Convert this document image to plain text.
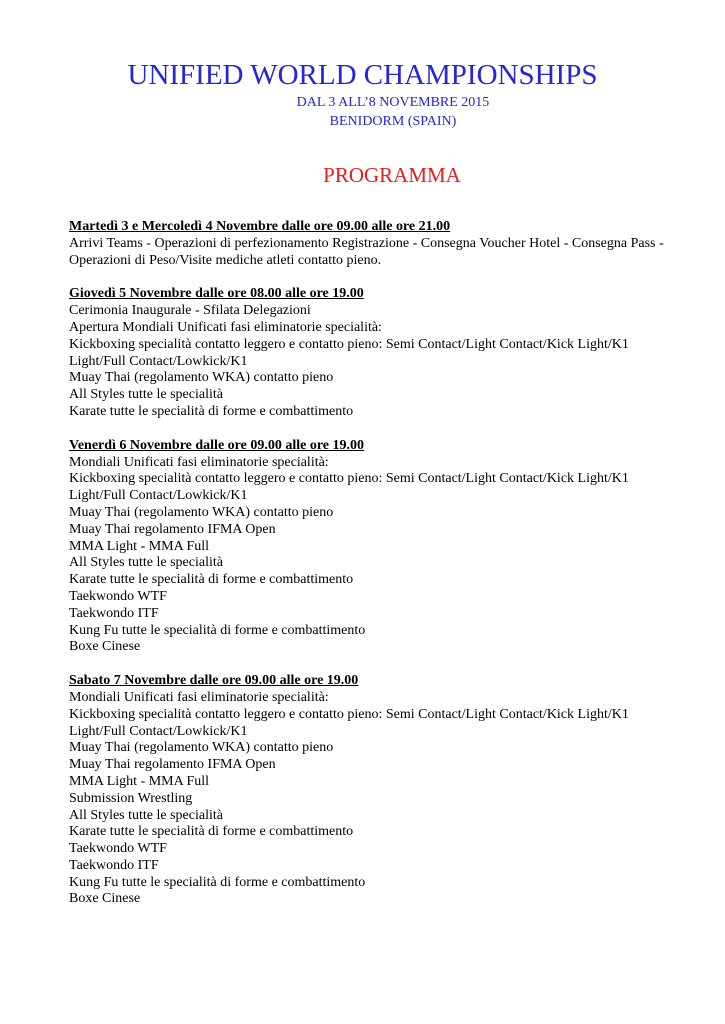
UNIFIED WORLD CHAMPIONSHIPS
DAL 3 ALL’8 NOVEMBRE 2015
BENIDORM (SPAIN)
PROGRAMMA
Martedì 3 e Mercoledì 4 Novembre dalle ore 09.00 alle ore 21.00
Arrivi Teams - Operazioni di perfezionamento Registrazione - Consegna Voucher Hotel - Consegna Pass - Operazioni di Peso/Visite mediche atleti contatto pieno.
Giovedì 5 Novembre dalle ore 08.00 alle ore 19.00
Cerimonia Inaugurale - Sfilata Delegazioni
Apertura Mondiali Unificati fasi eliminatorie specialità:
Kickboxing specialità contatto leggero e contatto pieno: Semi Contact/Light Contact/Kick Light/K1 Light/Full Contact/Lowkick/K1
Muay Thai (regolamento WKA) contatto pieno
All Styles tutte le specialità
Karate tutte le specialità di forme e combattimento
Venerdì 6 Novembre dalle ore 09.00 alle ore 19.00
Mondiali Unificati fasi eliminatorie specialità:
Kickboxing specialità contatto leggero e contatto pieno: Semi Contact/Light Contact/Kick Light/K1 Light/Full Contact/Lowkick/K1
Muay Thai (regolamento WKA) contatto pieno
Muay Thai regolamento IFMA Open
MMA Light - MMA Full
All Styles tutte le specialità
Karate tutte le specialità di forme e combattimento
Taekwondo WTF
Taekwondo ITF
Kung Fu tutte le specialità di forme e combattimento
Boxe Cinese
Sabato 7 Novembre dalle ore 09.00 alle ore 19.00
Mondiali Unificati fasi eliminatorie specialità:
Kickboxing specialità contatto leggero e contatto pieno: Semi Contact/Light Contact/Kick Light/K1 Light/Full Contact/Lowkick/K1
Muay Thai (regolamento WKA) contatto pieno
Muay Thai regolamento IFMA Open
MMA Light - MMA Full
Submission Wrestling
All Styles tutte le specialità
Karate tutte le specialità di forme e combattimento
Taekwondo WTF
Taekwondo ITF
Kung Fu tutte le specialità di forme e combattimento
Boxe Cinese
